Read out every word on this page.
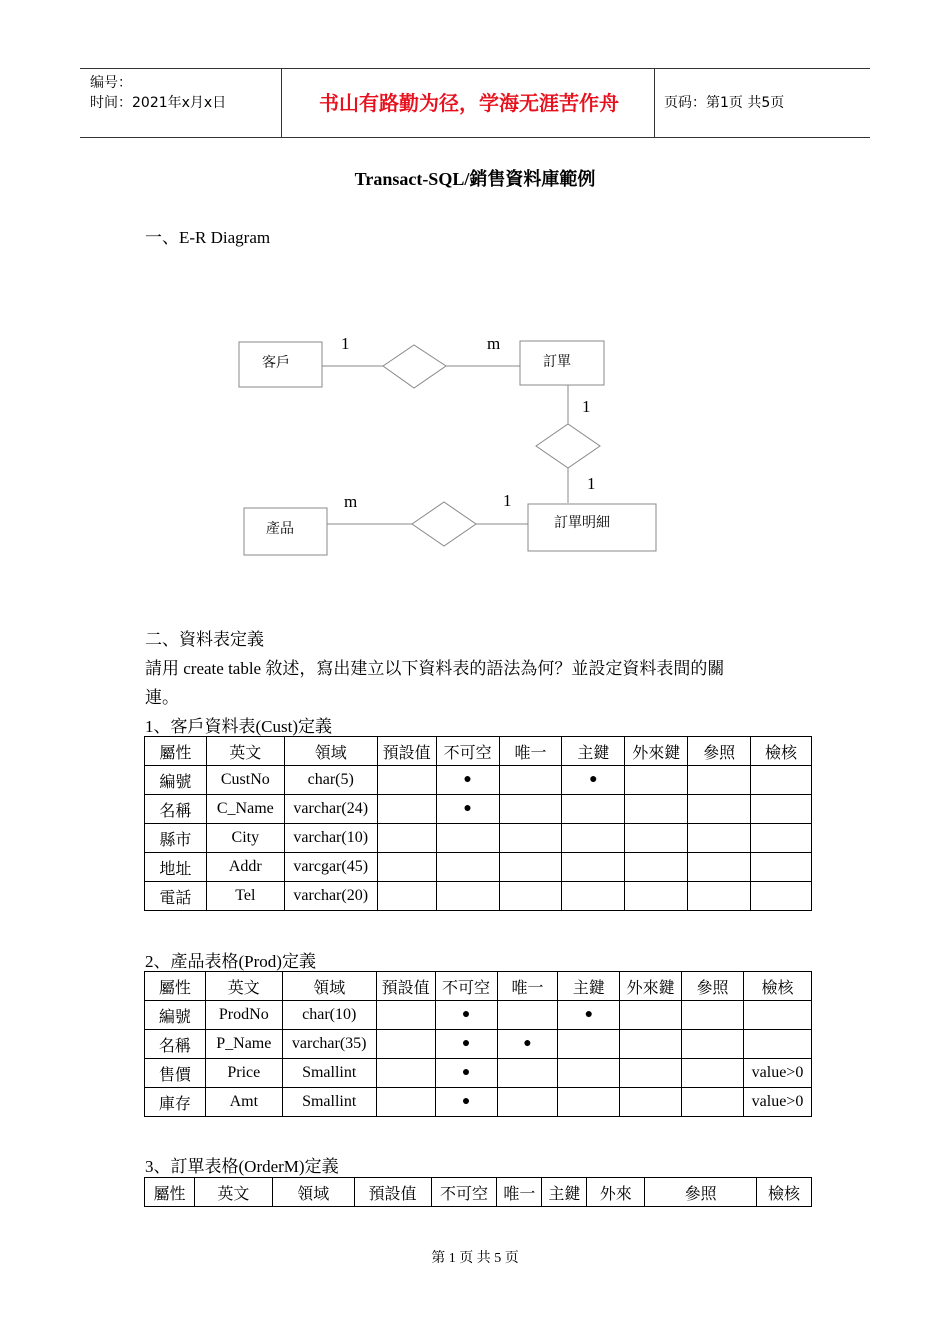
编号：
时间：2021年x月x日	书山有路勤为径，学海无涯苦作舟	页码：第1页 共5页
Transact-SQL/銷售資料庫範例
一、E-R Diagram
客戶	訂單
產品	訂單明細
1	m
1
1
m	1
二、資料表定義
請用 create table 敘述，寫出建立以下資料表的語法為何？並設定資料表間的關
連。
1、客戶資料表(Cust)定義
屬性	英文	領域	預設值	不可空	唯一	主鍵	外來鍵	參照	檢核
編號	CustNo	char(5)		●		●			
名稱	C_Name	varchar(24)		●					
縣市	City	varchar(10)							
地址	Addr	varcgar(45)							
電話	Tel	varchar(20)							
2、產品表格(Prod)定義
屬性	英文	領域	預設值	不可空	唯一	主鍵	外來鍵	參照	檢核
編號	ProdNo	char(10)		●		●			
名稱	P_Name	varchar(35)		●	●				
售價	Price	Smallint		●					value>0
庫存	Amt	Smallint		●					value>0
3、訂單表格(OrderM)定義
屬性	英文	領域	預設值	不可空	唯一	主鍵	外來	參照	檢核
第 1 页 共 5 页
